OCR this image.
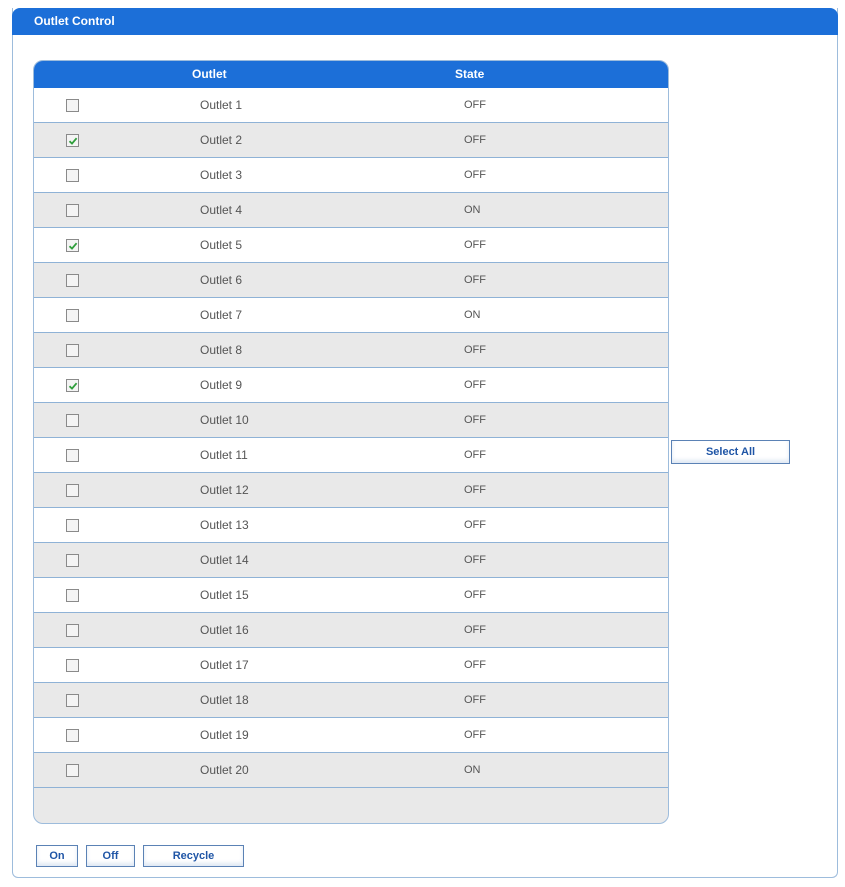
Outlet Control
Outlet	State
Outlet 1	OFF
Outlet 2	OFF
Outlet 3	OFF
Outlet 4	ON
Outlet 5	OFF
Outlet 6	OFF
Outlet 7	ON
Outlet 8	OFF
Outlet 9	OFF
Outlet 10	OFF
Outlet 11	OFF
Outlet 12	OFF
Outlet 13	OFF
Outlet 14	OFF
Outlet 15	OFF
Outlet 16	OFF
Outlet 17	OFF
Outlet 18	OFF
Outlet 19	OFF
Outlet 20	ON
Select All
On	Off	Recycle
